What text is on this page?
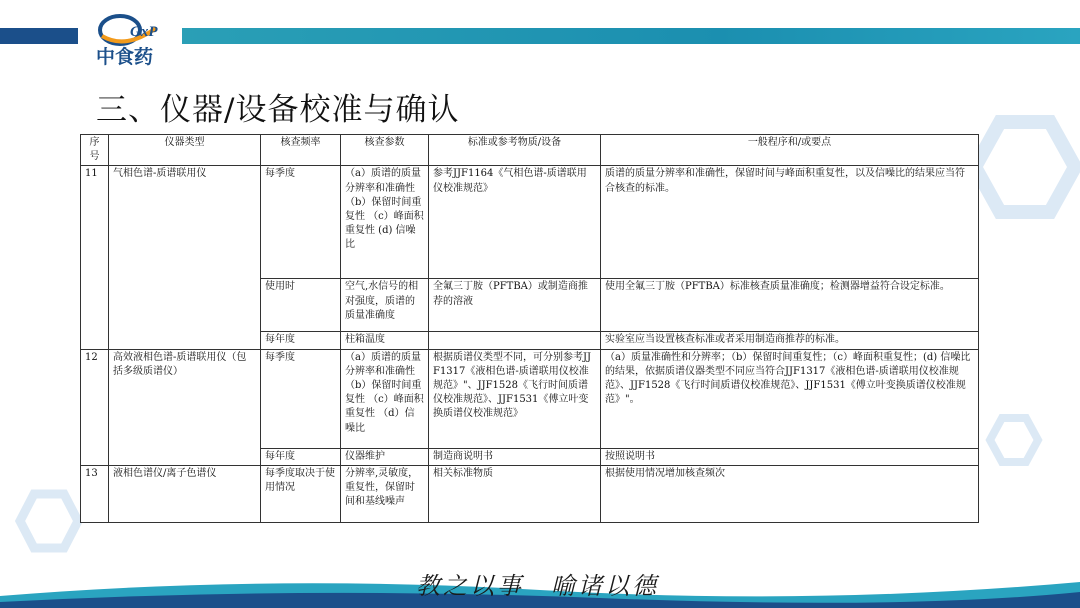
GxP
中食药
三、仪器/设备校准与确认
序号	仪器类型	核查频率	核查参数	标准或参考物质/设备	一般程序和/或要点
11	气相色谱-质谱联用仪	每季度	（a）质谱的质量分辨率和准确性 （b）保留时间重复性 （c）峰面积重复性 (d) 信噪比	参考JJF1164《气相色谱-质谱联用仪校准规范》	质谱的质量分辨率和准确性，保留时间与峰面积重复性，以及信噪比的结果应当符合核查的标准。
		使用时	空气,水信号的相对强度，质谱的质量准确度	全氟三丁胺（PFTBA）或制造商推荐的溶液	使用全氟三丁胺（PFTBA）标准核查质量准确度；检测器增益符合设定标准。
		每年度	柱箱温度		实验室应当设置核查标准或者采用制造商推荐的标准。
12	高效液相色谱-质谱联用仪（包括多级质谱仪）	每季度	（a）质谱的质量分辨率和准确性 （b）保留时间重复性 （c）峰面积重复性 （d）信噪比	根据质谱仪类型不同，可分别参考JJF1317《液相色谱-质谱联用仪校准规范》"、JJF1528《飞行时间质谱仪校准规范》、JJF1531《傅立叶变换质谱仪校准规范》	（a）质量准确性和分辨率；（b）保留时间重复性；（c）峰面积重复性；(d) 信噪比的结果，依据质谱仪器类型不同应当符合JJF1317《液相色谱-质谱联用仪校准规范》、JJF1528《飞行时间质谱仪校准规范》、JJF1531《傅立叶变换质谱仪校准规范》"。
		每年度	仪器维护	制造商说明书	按照说明书
13	液相色谱仪/离子色谱仪	每季度取决于使用情况	分辨率,灵敏度，重复性，保留时间和基线噪声	相关标准物质	根据使用情况增加核查频次
教之以事　喻诸以德
